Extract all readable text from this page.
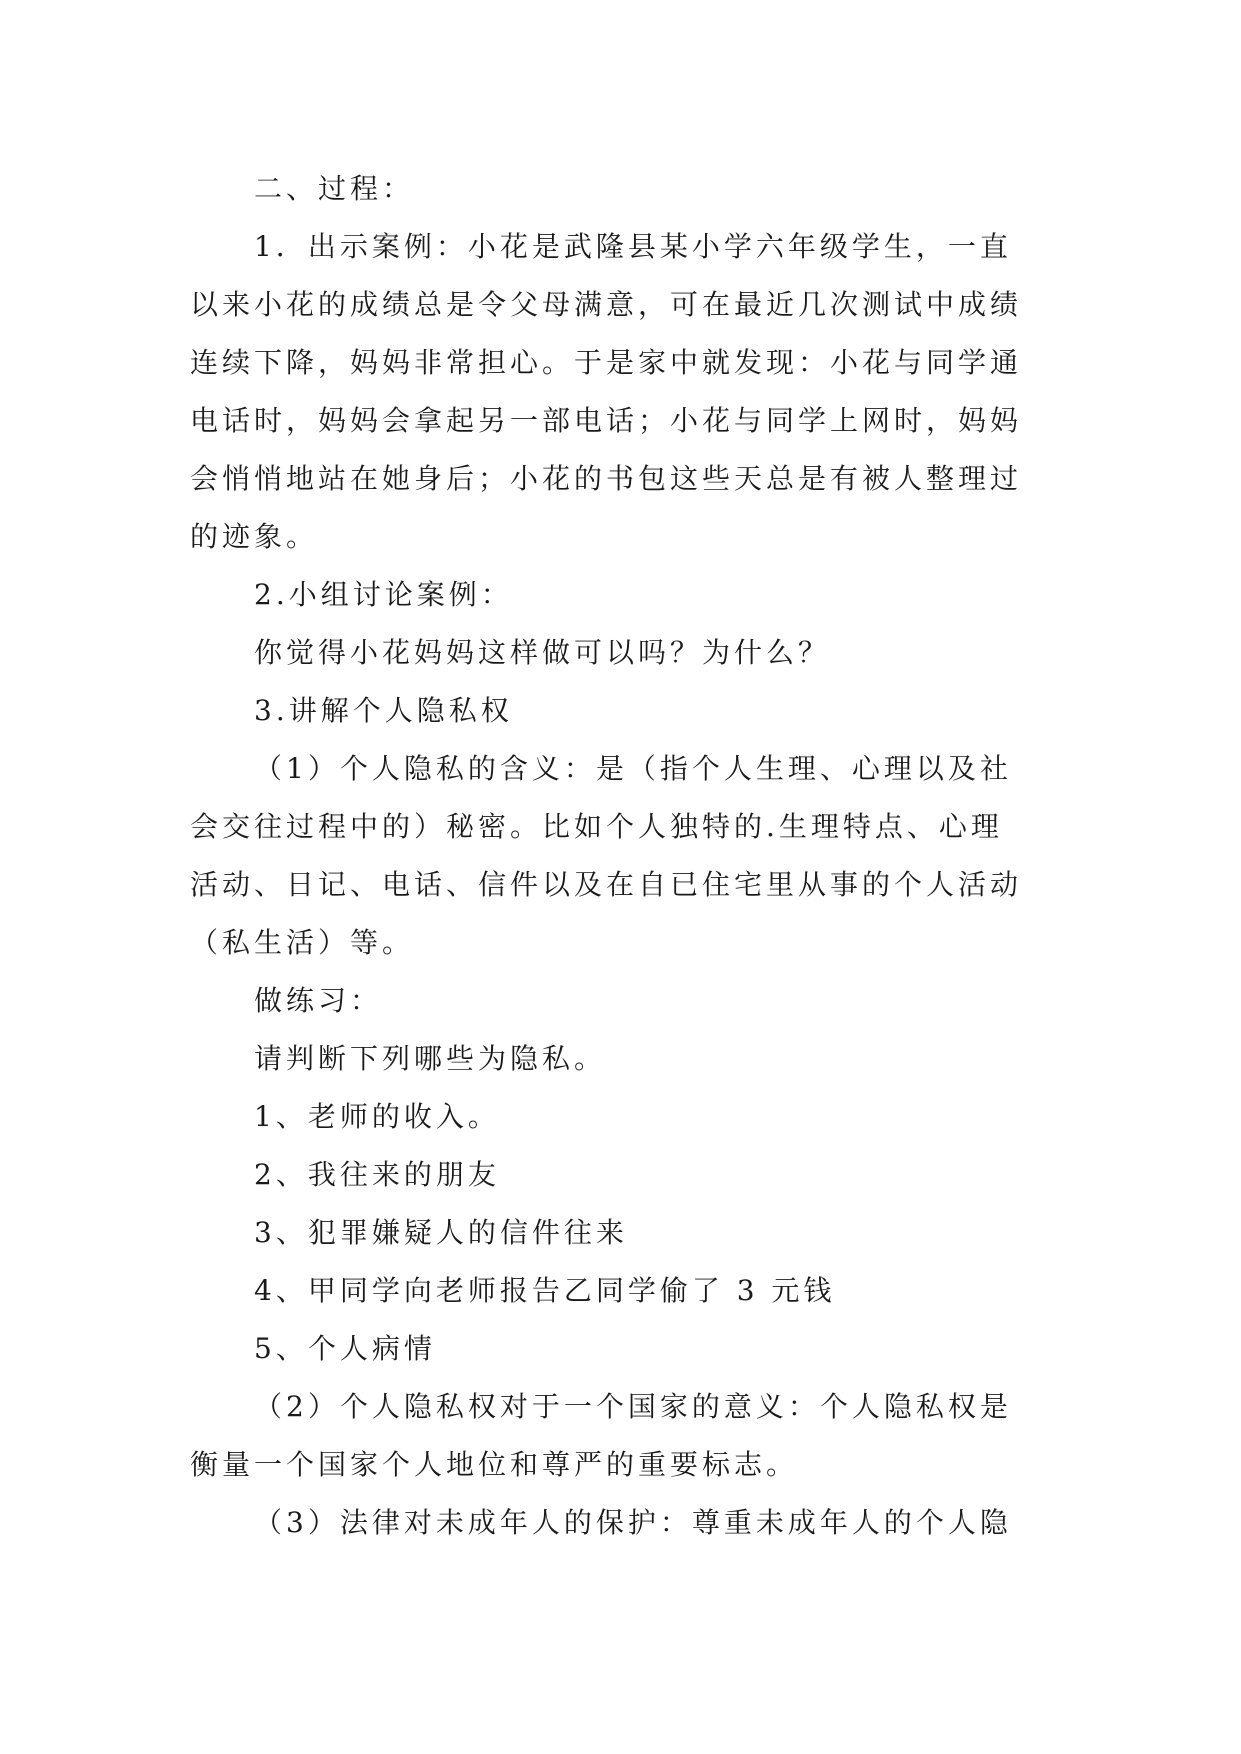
二、过程：
1．出示案例：小花是武隆县某小学六年级学生，一直
以来小花的成绩总是令父母满意，可在最近几次测试中成绩
连续下降，妈妈非常担心。于是家中就发现：小花与同学通
电话时，妈妈会拿起另一部电话；小花与同学上网时，妈妈
会悄悄地站在她身后；小花的书包这些天总是有被人整理过
的迹象。
2.小组讨论案例：
你觉得小花妈妈这样做可以吗？为什么？
3.讲解个人隐私权
（1）个人隐私的含义：是（指个人生理、心理以及社
会交往过程中的）秘密。比如个人独特的.生理特点、心理
活动、日记、电话、信件以及在自已住宅里从事的个人活动
（私生活）等。
做练习：
请判断下列哪些为隐私。
1、老师的收入。
2、我往来的朋友
3、犯罪嫌疑人的信件往来
4、甲同学向老师报告乙同学偷了 3 元钱
5、个人病情
（2）个人隐私权对于一个国家的意义：个人隐私权是
衡量一个国家个人地位和尊严的重要标志。
（3）法律对未成年人的保护：尊重未成年人的个人隐
